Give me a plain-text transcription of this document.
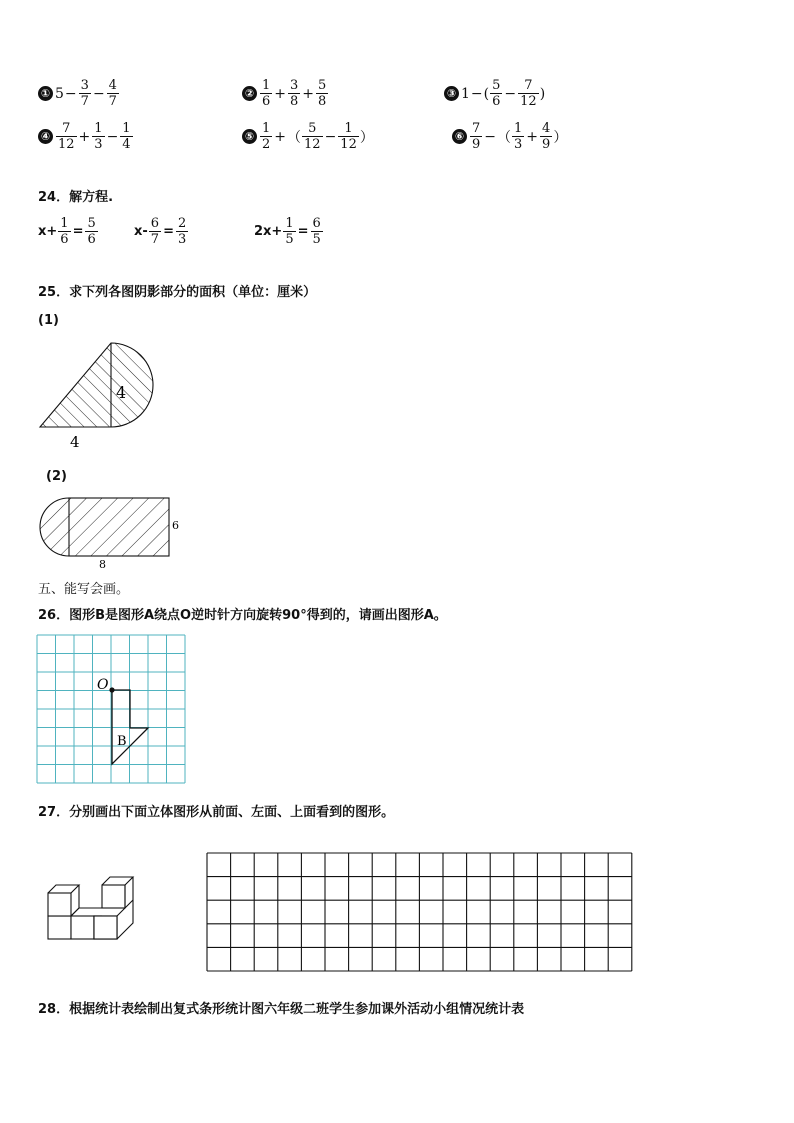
① $5 - \frac{3}{7} - \frac{4}{7}$	② $\frac{1}{6} + \frac{3}{8} + \frac{5}{8}$	③ 1 − ( $\frac{5}{6} - \frac{7}{12}$ )
④ $\frac{7}{12} + \frac{1}{3} - \frac{1}{4}$	⑤ $\frac{1}{2}$ + （ $\frac{5}{12} - \frac{1}{12}$ ）	⑥ $\frac{7}{9}$ − （ $\frac{1}{3} + \frac{4}{9}$ ）
24．解方程.
$x+ \frac{1}{6} = \frac{5}{6}$	$x- \frac{6}{7} = \frac{2}{3}$	$2x+ \frac{1}{5} = \frac{6}{5}$
25．求下列各图阴影部分的面积（单位：厘米）
(1)
4
4
(2)
6
8
五、能写会画。
26．图形B是图形A绕点O逆时针方向旋转90°得到的，请画出图形A。
O
B
27．分别画出下面立体图形从前面、左面、上面看到的图形。
28．根据统计表绘制出复式条形统计图六年级二班学生参加课外活动小组情况统计表
